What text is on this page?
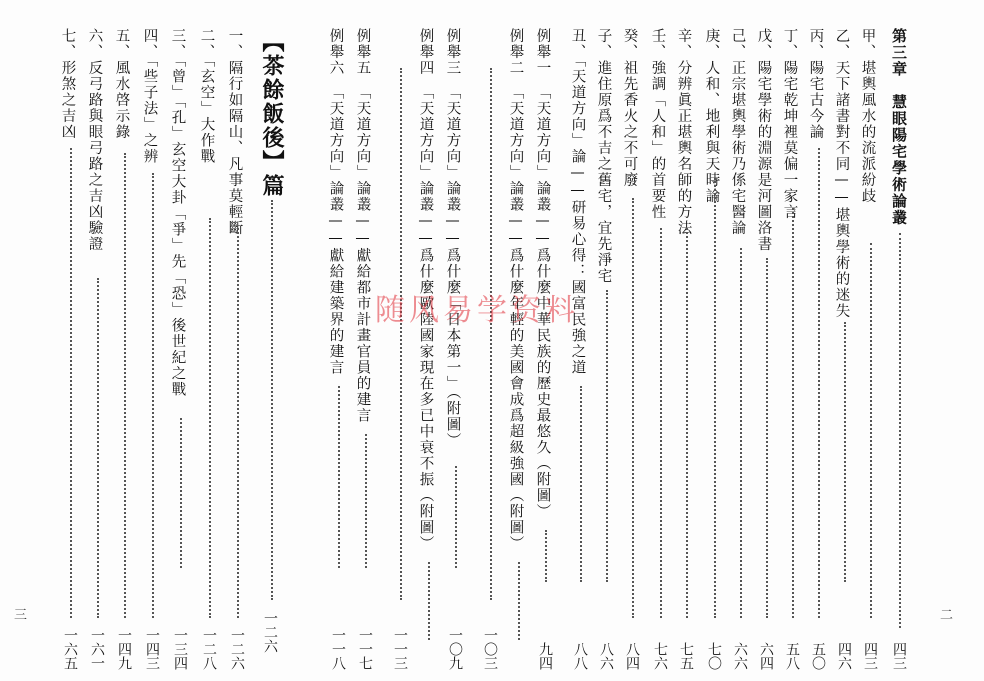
二
三
第三章　慧眼陽宅學術論叢
四三
甲、堪輿風水的流派紛歧
四三
乙、天下諸書對不同——堪輿學術的迷失
四六
丙、陽宅古今論
五〇
丁、陽宅乾坤裡莫偏一家言
五八
戊、陽宅學術的淵源是河圖洛書
六四
己、正宗堪輿學術乃係宅醫論
六六
庚、人和、地利與天時論
七〇
辛、分辨眞正堪輿名師的方法
七五
壬、強調「人和」的首要性
七六
癸、祖先香火之不可廢
八四
子、進住原爲不吉之舊宅，宜先淨宅
八六
丑、「天道方向」論——研易心得：國富民強之道
八八
例舉一　「天道方向」論叢——爲什麼中華民族的歷史最悠久（附圖）
九四
例舉二　「天道方向」論叢——爲什麼年輕的美國會成爲超級強國（附圖）
一〇三
例舉三　「天道方向」論叢——爲什麼「日本第一」（附圖）
一〇九
例舉四　「天道方向」論叢——爲什麼歐陸國家現在多已中衰不振（附圖）
一一三
例舉五　「天道方向」論叢——獻給都市計畫官員的建言
一一七
例舉六　「天道方向」論叢——獻給建築界的建言
一一八
一、隔行如隔山、凡事莫輕斷
一二六
二、「玄空」大作戰
一二八
三、「曾」「孔」玄空大卦「爭」先「恐」後世紀之戰
一三四
四、「些子法」之辨
一四三
五、風水啓示錄
一四九
六、反弓路與眼弓路之吉凶驗證
一六一
七、形煞之吉凶
一六五
【茶餘飯後】篇
一二六
随风易学资料
